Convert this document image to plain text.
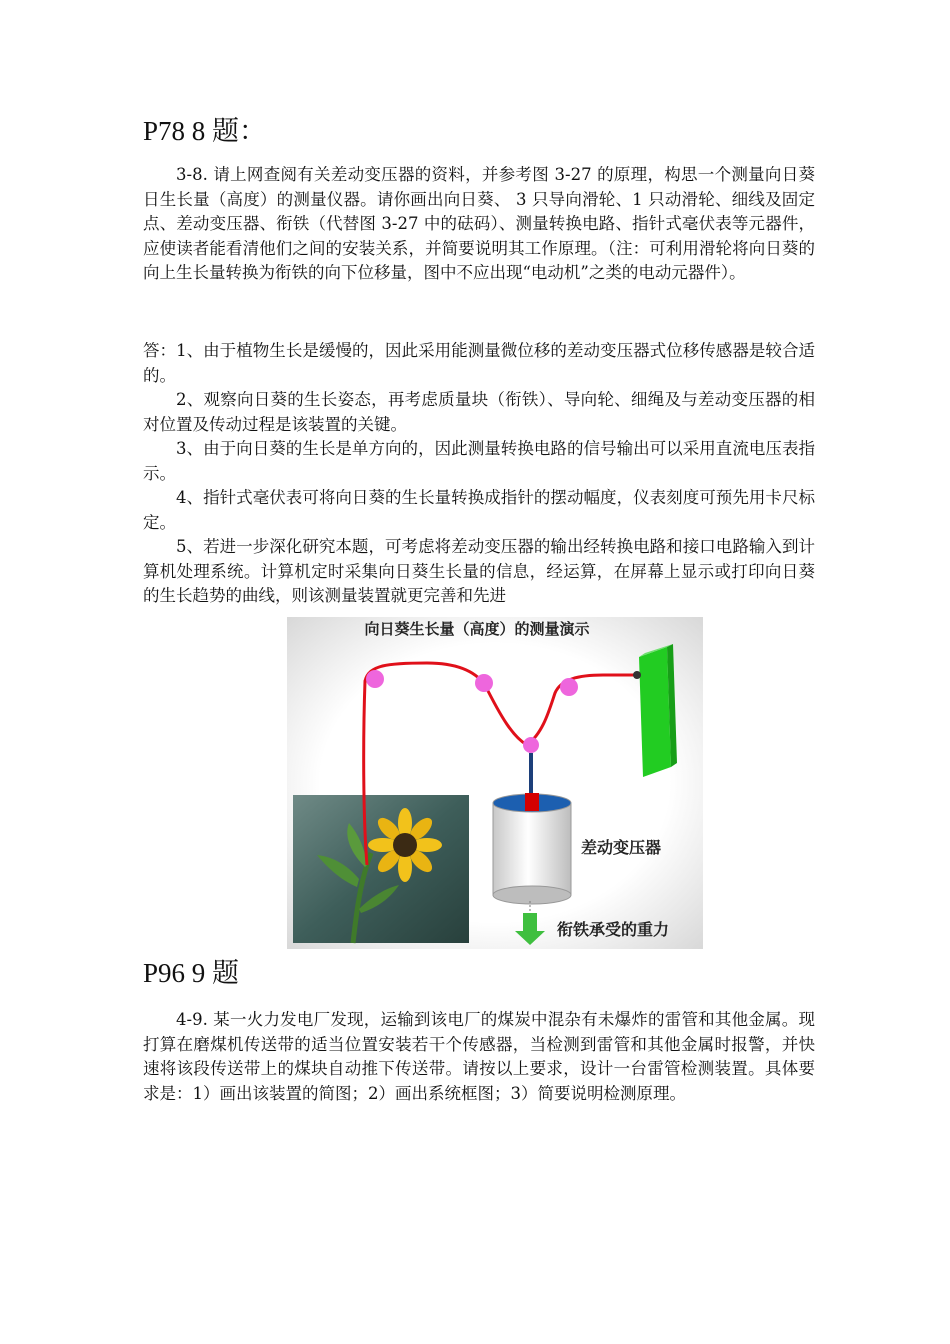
P78 8 题：
3-8. 请上网查阅有关差动变压器的资料，并参考图 3-27 的原理，构思一个测量向日葵日生长量（高度）的测量仪器。请你画出向日葵、 3 只导向滑轮、1 只动滑轮、细线及固定点、差动变压器、衔铁（代替图 3-27 中的砝码）、测量转换电路、指针式毫伏表等元器件，应使读者能看清他们之间的安装关系，并简要说明其工作原理。（注：可利用滑轮将向日葵的向上生长量转换为衔铁的向下位移量，图中不应出现“电动机”之类的电动元器件）。
答：1、由于植物生长是缓慢的，因此采用能测量微位移的差动变压器式位移传感器是较合适的。
2、观察向日葵的生长姿态，再考虑质量块（衔铁）、导向轮、细绳及与差动变压器的相对位置及传动过程是该装置的关键。
3、由于向日葵的生长是单方向的，因此测量转换电路的信号输出可以采用直流电压表指示。
4、指针式毫伏表可将向日葵的生长量转换成指针的摆动幅度，仪表刻度可预先用卡尺标定。
5、若进一步深化研究本题，可考虑将差动变压器的输出经转换电路和接口电路输入到计算机处理系统。计算机定时采集向日葵生长量的信息，经运算，在屏幕上显示或打印向日葵的生长趋势的曲线，则该测量装置就更完善和先进
向日葵生长量（高度）的测量演示
差动变压器
衔铁承受的重力
P96 9 题
4-9. 某一火力发电厂发现，运输到该电厂的煤炭中混杂有未爆炸的雷管和其他金属。现打算在磨煤机传送带的适当位置安装若干个传感器，当检测到雷管和其他金属时报警，并快速将该段传送带上的煤块自动推下传送带。请按以上要求，设计一台雷管检测装置。具体要求是：1）画出该装置的简图；2）画出系统框图；3）简要说明检测原理。
